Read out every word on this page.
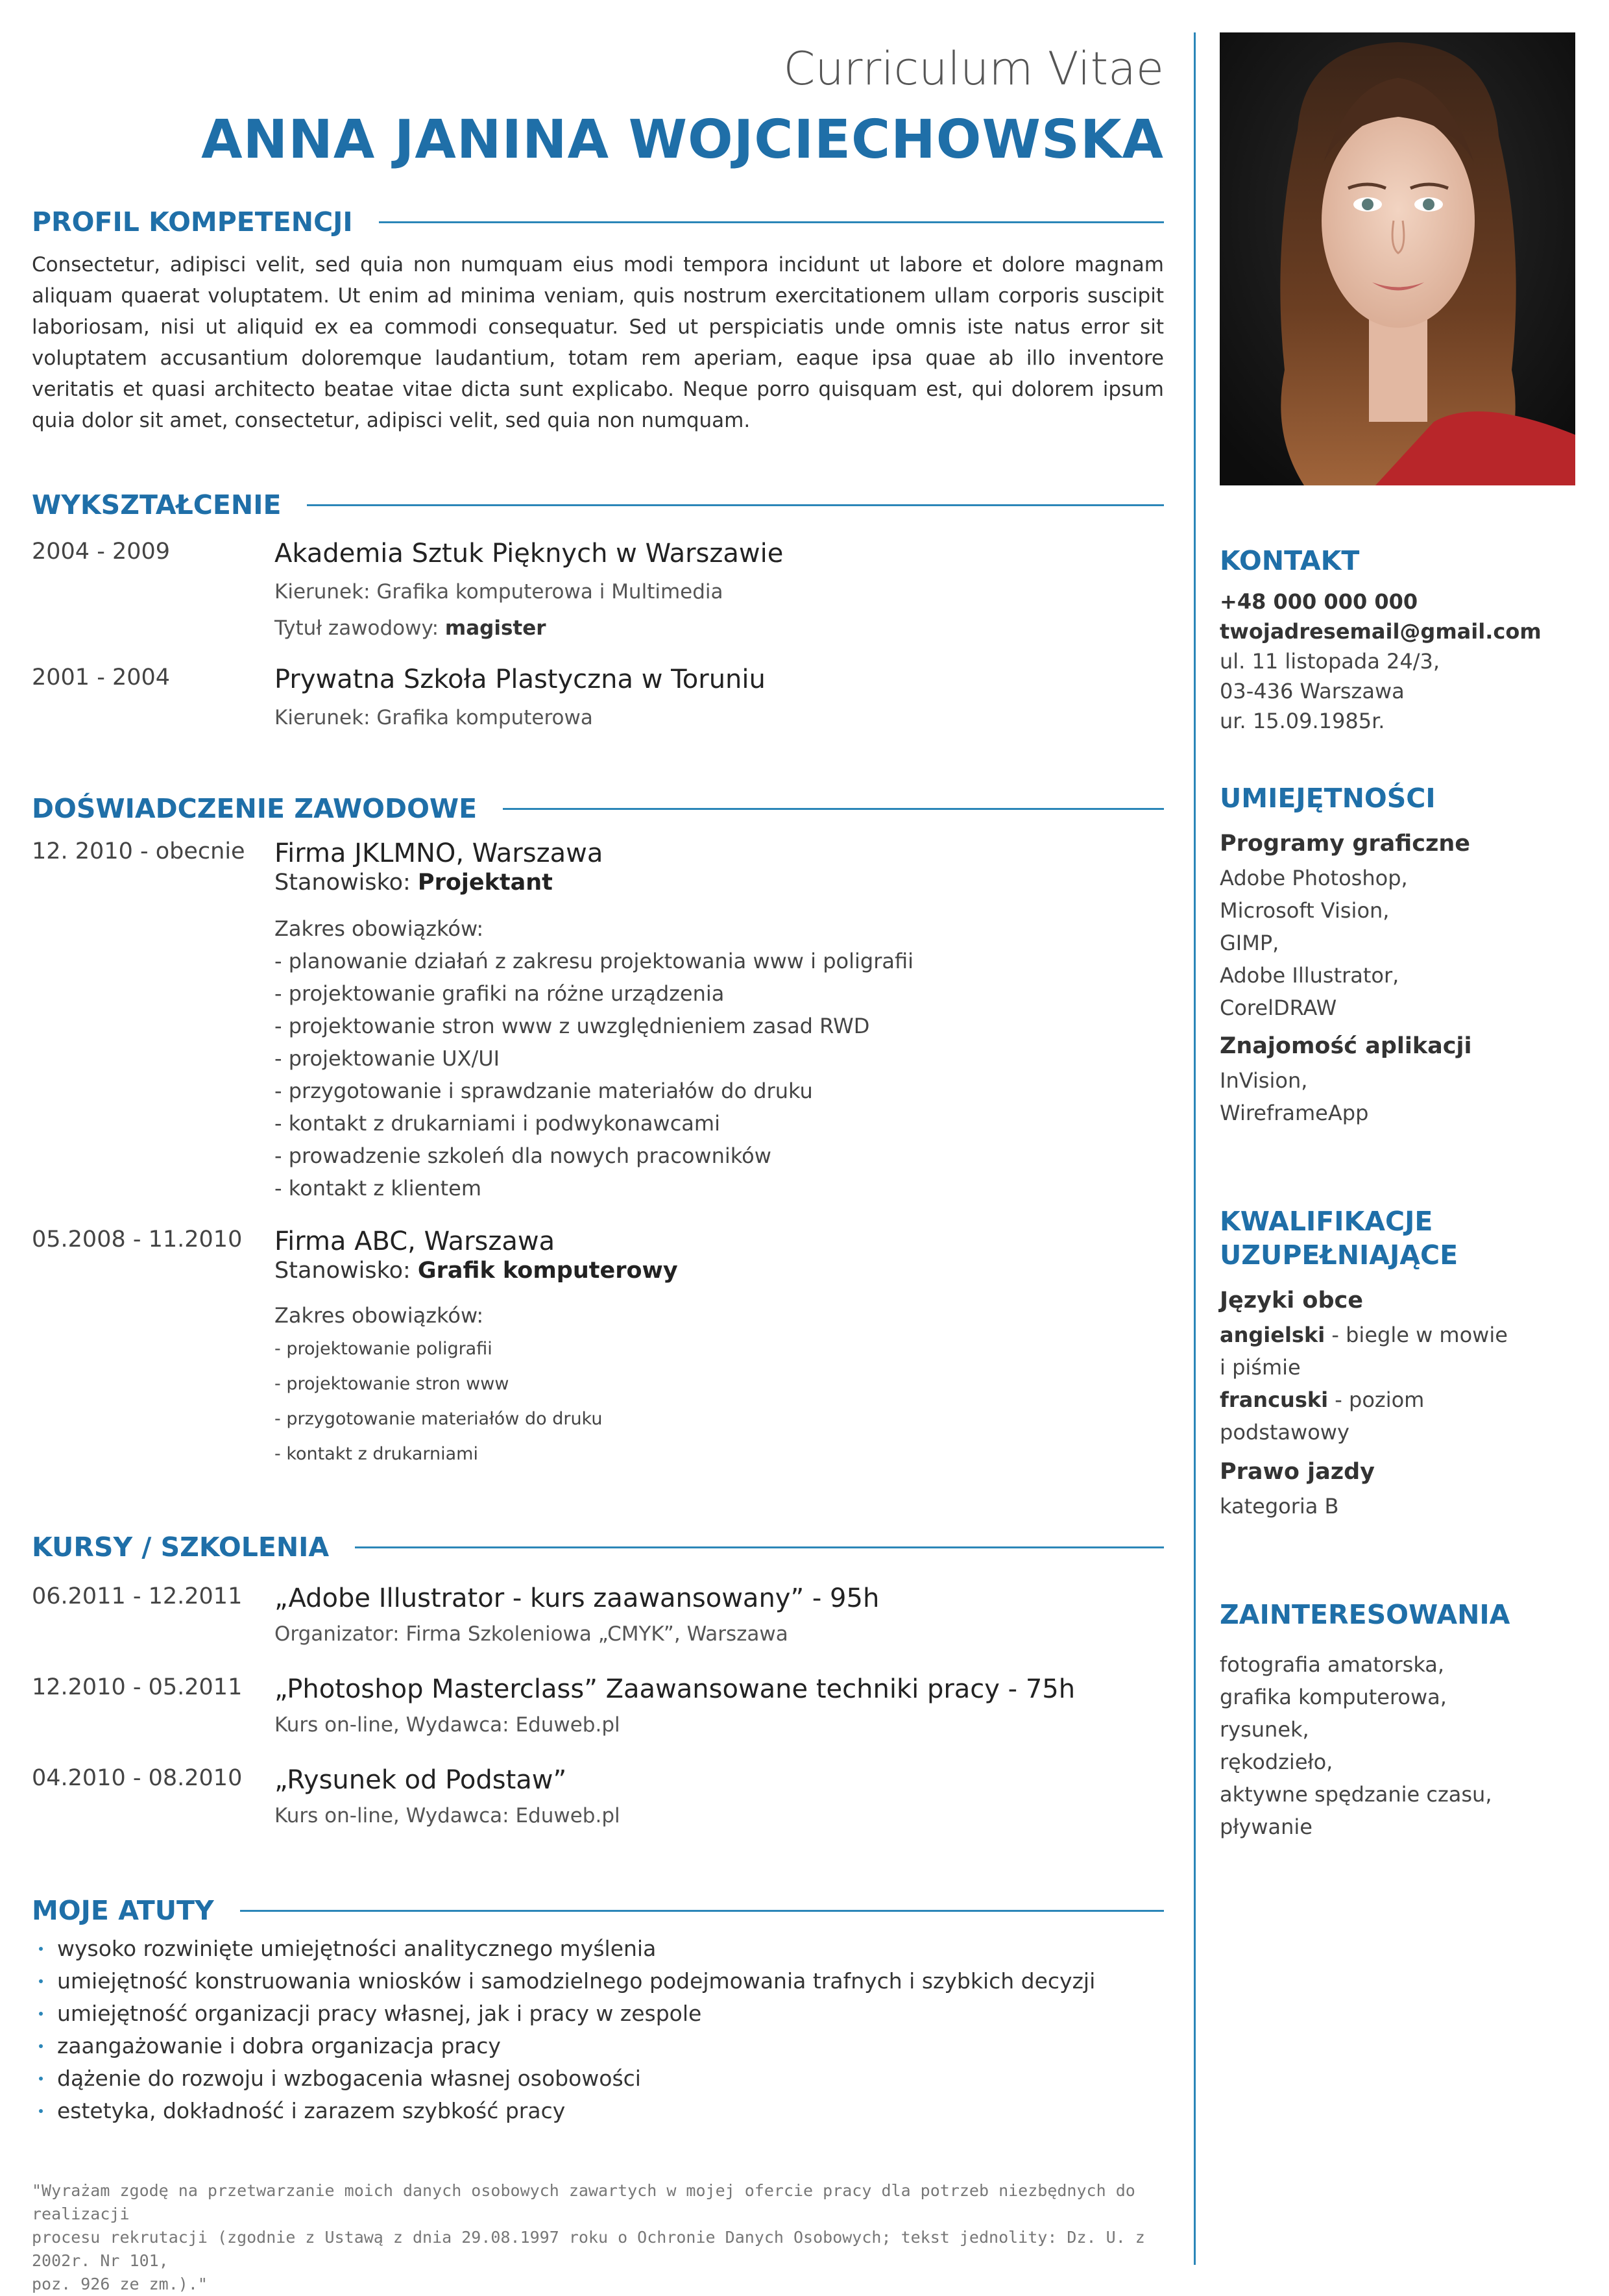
Curriculum Vitae
ANNA JANINA WOJCIECHOWSKA
PROFIL KOMPETENCJI
Consectetur, adipisci velit, sed quia non numquam eius modi tempora incidunt ut labore et dolore magnam aliquam quaerat voluptatem. Ut enim ad minima veniam, quis nostrum exercitationem ullam corporis suscipit laboriosam, nisi ut aliquid ex ea commodi consequatur. Sed ut perspiciatis unde omnis iste natus error sit voluptatem accusantium doloremque laudantium, totam rem aperiam, eaque ipsa quae ab illo inventore veritatis et quasi architecto beatae vitae dicta sunt explicabo. Neque porro quisquam est, qui dolorem ipsum quia dolor sit amet, consectetur, adipisci velit, sed quia non numquam.
WYKSZTAŁCENIE
2004 - 2009	Akademia Sztuk Pięknych w Warszawie
Kierunek: Grafika komputerowa i Multimedia
Tytuł zawodowy: magister
2001 - 2004	Prywatna Szkoła Plastyczna w Toruniu
Kierunek: Grafika komputerowa
DOŚWIADCZENIE ZAWODOWE
12. 2010 - obecnie Firma JKLMNO, Warszawa
Stanowisko: Projektant
Zakres obowiązków:
- planowanie działań z zakresu projektowania www i poligrafii
- projektowanie grafiki na różne urządzenia
- projektowanie stron www z uwzględnieniem zasad RWD
- projektowanie UX/UI
- przygotowanie i sprawdzanie materiałów do druku
- kontakt z drukarniami i podwykonawcami
- prowadzenie szkoleń dla nowych pracowników
- kontakt z klientem
05.2008 - 11.2010 Firma ABC, Warszawa
Stanowisko: Grafik komputerowy
Zakres obowiązków:
- projektowanie poligrafii
- projektowanie stron www
- przygotowanie materiałów do druku
- kontakt z drukarniami
KURSY / SZKOLENIA
06.2011 - 12.2011 „Adobe Illustrator - kurs zaawansowany” - 95h
Organizator: Firma Szkoleniowa „CMYK”, Warszawa
12.2010 - 05.2011 „Photoshop Masterclass” Zaawansowane techniki pracy - 75h
Kurs on-line, Wydawca: Eduweb.pl
04.2010 - 08.2010 „Rysunek od Podstaw”
Kurs on-line, Wydawca: Eduweb.pl
MOJE ATUTY
wysoko rozwinięte umiejętności analitycznego myślenia
umiejętność konstruowania wniosków i samodzielnego podejmowania trafnych i szybkich decyzji
umiejętność organizacji pracy własnej, jak i pracy w zespole
zaangażowanie i dobra organizacja pracy
dążenie do rozwoju i wzbogacenia własnej osobowości
estetyka, dokładność i zarazem szybkość pracy
"Wyrażam zgodę na przetwarzanie moich danych osobowych zawartych w mojej ofercie pracy dla potrzeb niezbędnych do realizacji
procesu rekrutacji (zgodnie z Ustawą z dnia 29.08.1997 roku o Ochronie Danych Osobowych; tekst jednolity: Dz. U. z 2002r. Nr 101,
poz. 926 ze zm.)."
KONTAKT
+48 000 000 000
twojadresemail@gmail.com
ul. 11 listopada 24/3,
03-436 Warszawa
ur. 15.09.1985r.
UMIEJĘTNOŚCI
Programy graficzne
Adobe Photoshop,
Microsoft Vision,
GIMP,
Adobe Illustrator,
CorelDRAW
Znajomość aplikacji
InVision,
WireframeApp
KWALIFIKACJE
UZUPEŁNIAJĄCE
Języki obce
angielski - biegle w mowie
i piśmie
francuski - poziom
podstawowy
Prawo jazdy
kategoria B
ZAINTERESOWANIA
fotografia amatorska,
grafika komputerowa,
rysunek,
rękodzieło,
aktywne spędzanie czasu,
pływanie
